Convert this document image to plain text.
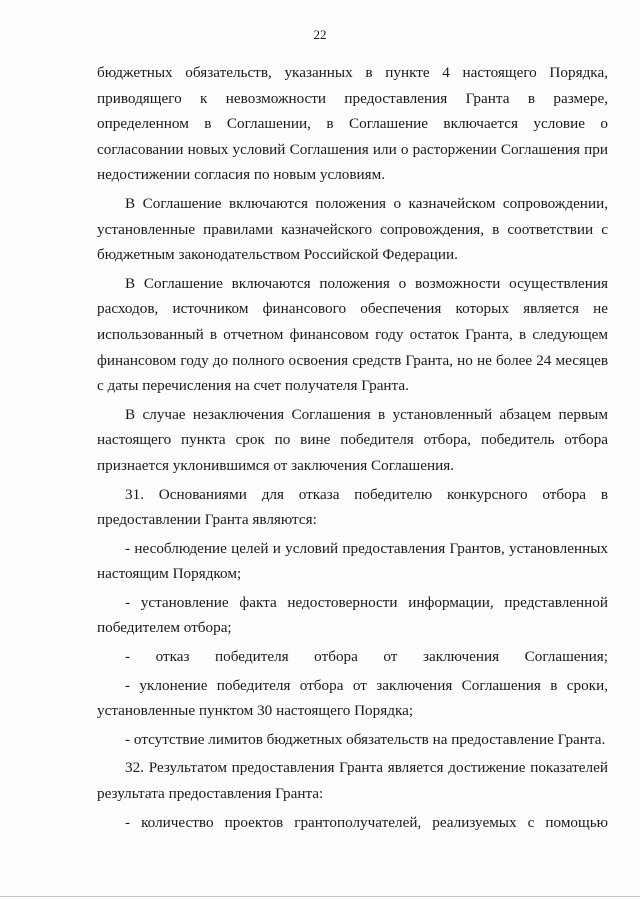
22

бюджетных обязательств, указанных в пункте 4 настоящего Порядка, приводящего к невозможности предоставления Гранта в размере, определенном в Соглашении, в Соглашение включается условие о согласовании новых условий Соглашения или о расторжении Соглашения при недостижении согласия по новым условиям.

В Соглашение включаются положения о казначейском сопровождении, установленные правилами казначейского сопровождения, в соответствии с бюджетным законодательством Российской Федерации.

В Соглашение включаются положения о возможности осуществления расходов, источником финансового обеспечения которых является не использованный в отчетном финансовом году остаток Гранта, в следующем финансовом году до полного освоения средств Гранта, но не более 24 месяцев с даты перечисления на счет получателя Гранта.

В случае незаключения Соглашения в установленный абзацем первым настоящего пункта срок по вине победителя отбора, победитель отбора признается уклонившимся от заключения Соглашения.

31. Основаниями для отказа победителю конкурсного отбора в предоставлении Гранта являются:

- несоблюдение целей и условий предоставления Грантов, установленных настоящим Порядком;

- установление факта недостоверности информации, представленной победителем отбора;

- отказ победителя отбора от заключения Соглашения;

- уклонение победителя отбора от заключения Соглашения в сроки, установленные пунктом 30 настоящего Порядка;

- отсутствие лимитов бюджетных обязательств на предоставление Гранта.

32. Результатом предоставления Гранта является достижение показателей результата предоставления Гранта:

- количество проектов грантополучателей, реализуемых с помощью
